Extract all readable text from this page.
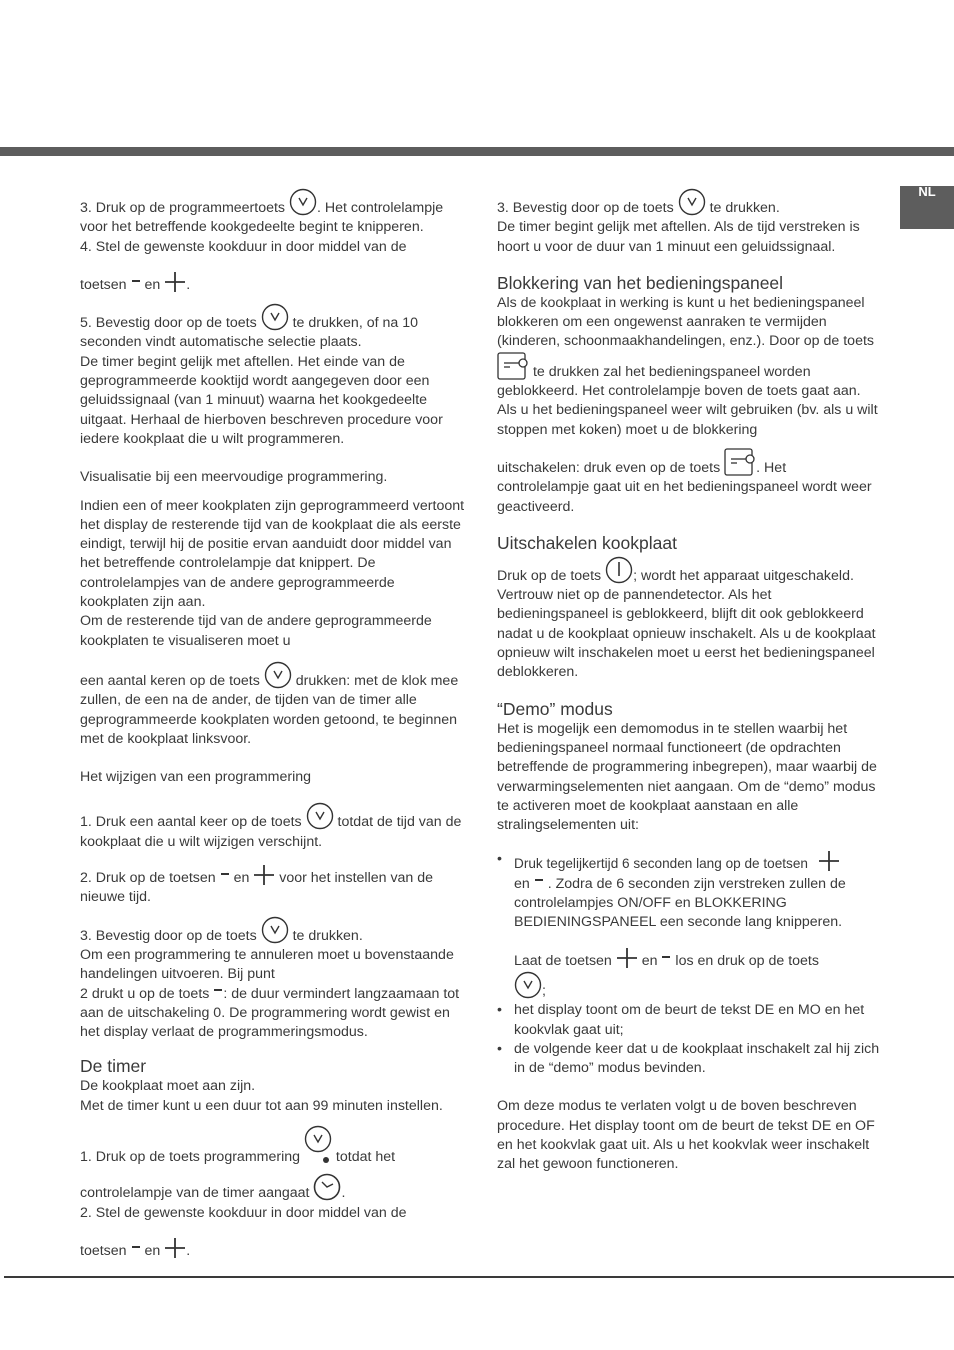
NL

3. Druk op de programmeertoets . Het controlelampje voor het betreffende kookgedeelte begint te knipperen.

4. Stel de gewenste kookduur in door middel van de

toetsen en .

5. Bevestig door op de toets	te drukken, of na 10 seconden vindt automatische selectie plaats.

De timer begint gelijk met aftellen. Het einde van de geprogrammeerde kooktijd wordt aangegeven door een geluidssignaal (van 1 minuut) waarna het kookgedeelte uitgaat. Herhaal de hierboven beschreven procedure voor iedere kookplaat die u wilt programmeren.

Visualisatie bij een meervoudige programmering.

Indien een of meer kookplaten zijn geprogrammeerd vertoont het display de resterende tijd van de kookplaat die als eerste eindigt, terwijl hij de positie ervan aanduidt door middel van het betreffende controlelampje dat knippert. De controlelampjes van de andere geprogrammeerde kookplaten zijn aan.

Om de resterende tijd van de andere geprogrammeerde kookplaten te visualiseren moet u

een aantal keren op de toets	drukken: met de klok mee zullen, de een na de ander, de tijden van de timer alle geprogrammeerde kookplaten worden getoond, te beginnen met de kookplaat linksvoor.

Het wijzigen van een programmering

1. Druk een aantal keer op de toets	totdat de tijd van de kookplaat die u wilt wijzigen verschijnt.

2. Druk op de toetsen en voor het instellen van de nieuwe tijd.

3. Bevestig door op de toets	te drukken.

Om een programmering te annuleren moet u bovenstaande handelingen uitvoeren. Bij punt

2 drukt u op de toets : de duur vermindert langzaamaan tot aan de uitschakeling 0. De programmering wordt gewist en het display verlaat de programmeringsmodus.

De timer

De kookplaat moet aan zijn.

Met de timer kunt u een duur tot aan 99 minuten instellen.

1. Druk op de toets programmering	totdat het

controlelampje van de timer aangaat .

2. Stel de gewenste kookduur in door middel van de

toetsen en .

3. Bevestig door op de toets	te drukken.

De timer begint gelijk met aftellen. Als de tijd verstreken is hoort u voor de duur van 1 minuut een geluidssignaal.

Blokkering van het bedieningspaneel

Als de kookplaat in werking is kunt u het bedieningspaneel blokkeren om een ongewenst aanraken te vermijden (kinderen, schoonmaakhandelingen, enz.). Door op de toets

te drukken zal het bedieningspaneel worden geblokkeerd. Het controlelampje boven de toets gaat aan.

Als u het bedieningspaneel weer wilt gebruiken (bv. als u wilt stoppen met koken) moet u de blokkering

uitschakelen: druk even op de toets	. Het controlelampje gaat uit en het bedieningspaneel wordt weer geactiveerd.

Uitschakelen kookplaat

Druk op de toets ; wordt het apparaat uitgeschakeld. Vertrouw niet op de pannendetector. Als het bedieningspaneel is geblokkeerd, blijft dit ook geblokkeerd nadat u de kookplaat opnieuw inschakelt. Als u de kookplaat opnieuw wilt inschakelen moet u eerst het bedieningspaneel deblokkeren.

“Demo” modus

Het is mogelijk een demomodus in te stellen waarbij het bedieningspaneel normaal functioneert (de opdrachten betreffende de programmering inbegrepen), maar waarbij de verwarmingselementen niet aangaan. Om de “demo” modus te activeren moet de kookplaat aanstaan en alle stralingselementen uit:

• Druk tegelijkertijd 6 seconden lang op de toetsen

en . Zodra de 6 seconden zijn verstreken zullen de controlelampjes ON/OFF en BLOKKERING BEDIENINGSPANEEL een seconde lang knipperen.
Laat de toetsen en los en druk op de toets

;
• het display toont om de beurt de tekst DE en MO en het kookvlak gaat uit;
• de volgende keer dat u de kookplaat inschakelt zal hij zich in de “demo” modus bevinden.

Om deze modus te verlaten volgt u de boven beschreven procedure. Het display toont om de beurt de tekst DE en OF en het kookvlak gaat uit. Als u het kookvlak weer inschakelt zal het gewoon functioneren.
